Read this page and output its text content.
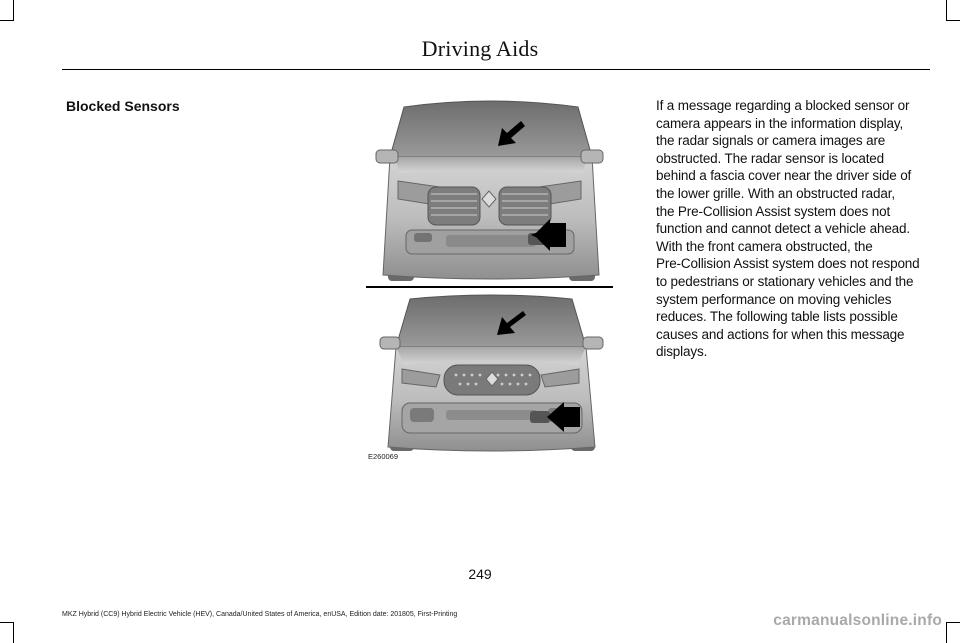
Driving Aids
Blocked Sensors	If a message regarding a blocked sensor or
camera appears in the information display,
the radar signals or camera images are
obstructed. The radar sensor is located
behind a fascia cover near the driver side of
the lower grille. With an obstructed radar,
the Pre-Collision Assist system does not
function and cannot detect a vehicle ahead.
With the front camera obstructed, the
Pre-Collision Assist system does not respond
to pedestrians or stationary vehicles and the
system performance on moving vehicles
reduces. The following table lists possible
causes and actions for when this message
displays.
E260069
249
MKZ Hybrid (CC9) Hybrid Electric Vehicle (HEV), Canada/United States of America, enUSA, Edition date: 201805, First-Printing	carmanualsonline.info
